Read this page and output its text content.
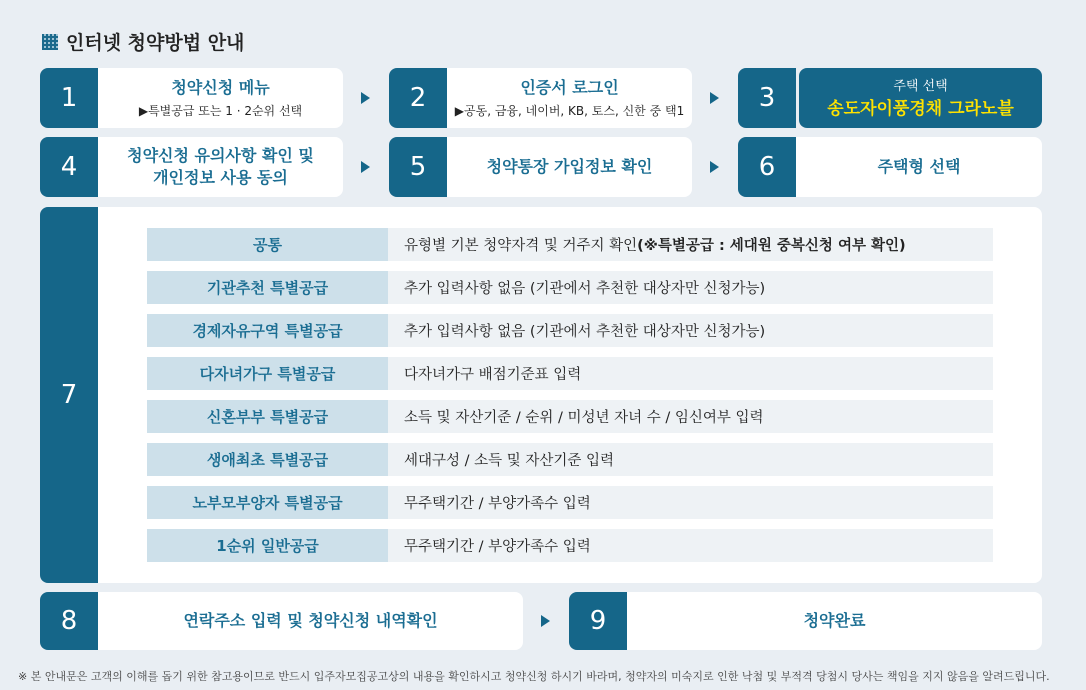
인터넷 청약방법 안내
1	청약신청 메뉴
▶특별공급 또는 1 · 2순위 선택	2	인증서 로그인
▶공동, 금융, 네이버, KB, 토스, 신한 중 택1	3	주택 선택
송도자이풍경채 그라노블
4	청약신청 유의사항 확인 및
개인정보 사용 동의	5	청약통장 가입정보 확인	6	주택형 선택
7
공통	유형별 기본 청약자격 및 거주지 확인 (※특별공급 : 세대원 중복신청 여부 확인)
기관추천 특별공급	추가 입력사항 없음 (기관에서 추천한 대상자만 신청가능)
경제자유구역 특별공급	추가 입력사항 없음 (기관에서 추천한 대상자만 신청가능)
다자녀가구 특별공급	다자녀가구 배점기준표 입력
신혼부부 특별공급	소득 및 자산기준 / 순위 / 미성년 자녀 수 / 임신여부 입력
생애최초 특별공급	세대구성 / 소득 및 자산기준 입력
노부모부양자 특별공급	무주택기간 / 부양가족수 입력
1순위 일반공급	무주택기간 / 부양가족수 입력
8	연락주소 입력 및 청약신청 내역확인	9	청약완료
※ 본 안내문은 고객의 이해를 돕기 위한 참고용이므로 반드시 입주자모집공고상의 내용을 확인하시고 청약신청 하시기 바라며, 청약자의 미숙지로 인한 낙첨 및 부적격 당첨시 당사는 책임을 지지 않음을 알려드립니다.
